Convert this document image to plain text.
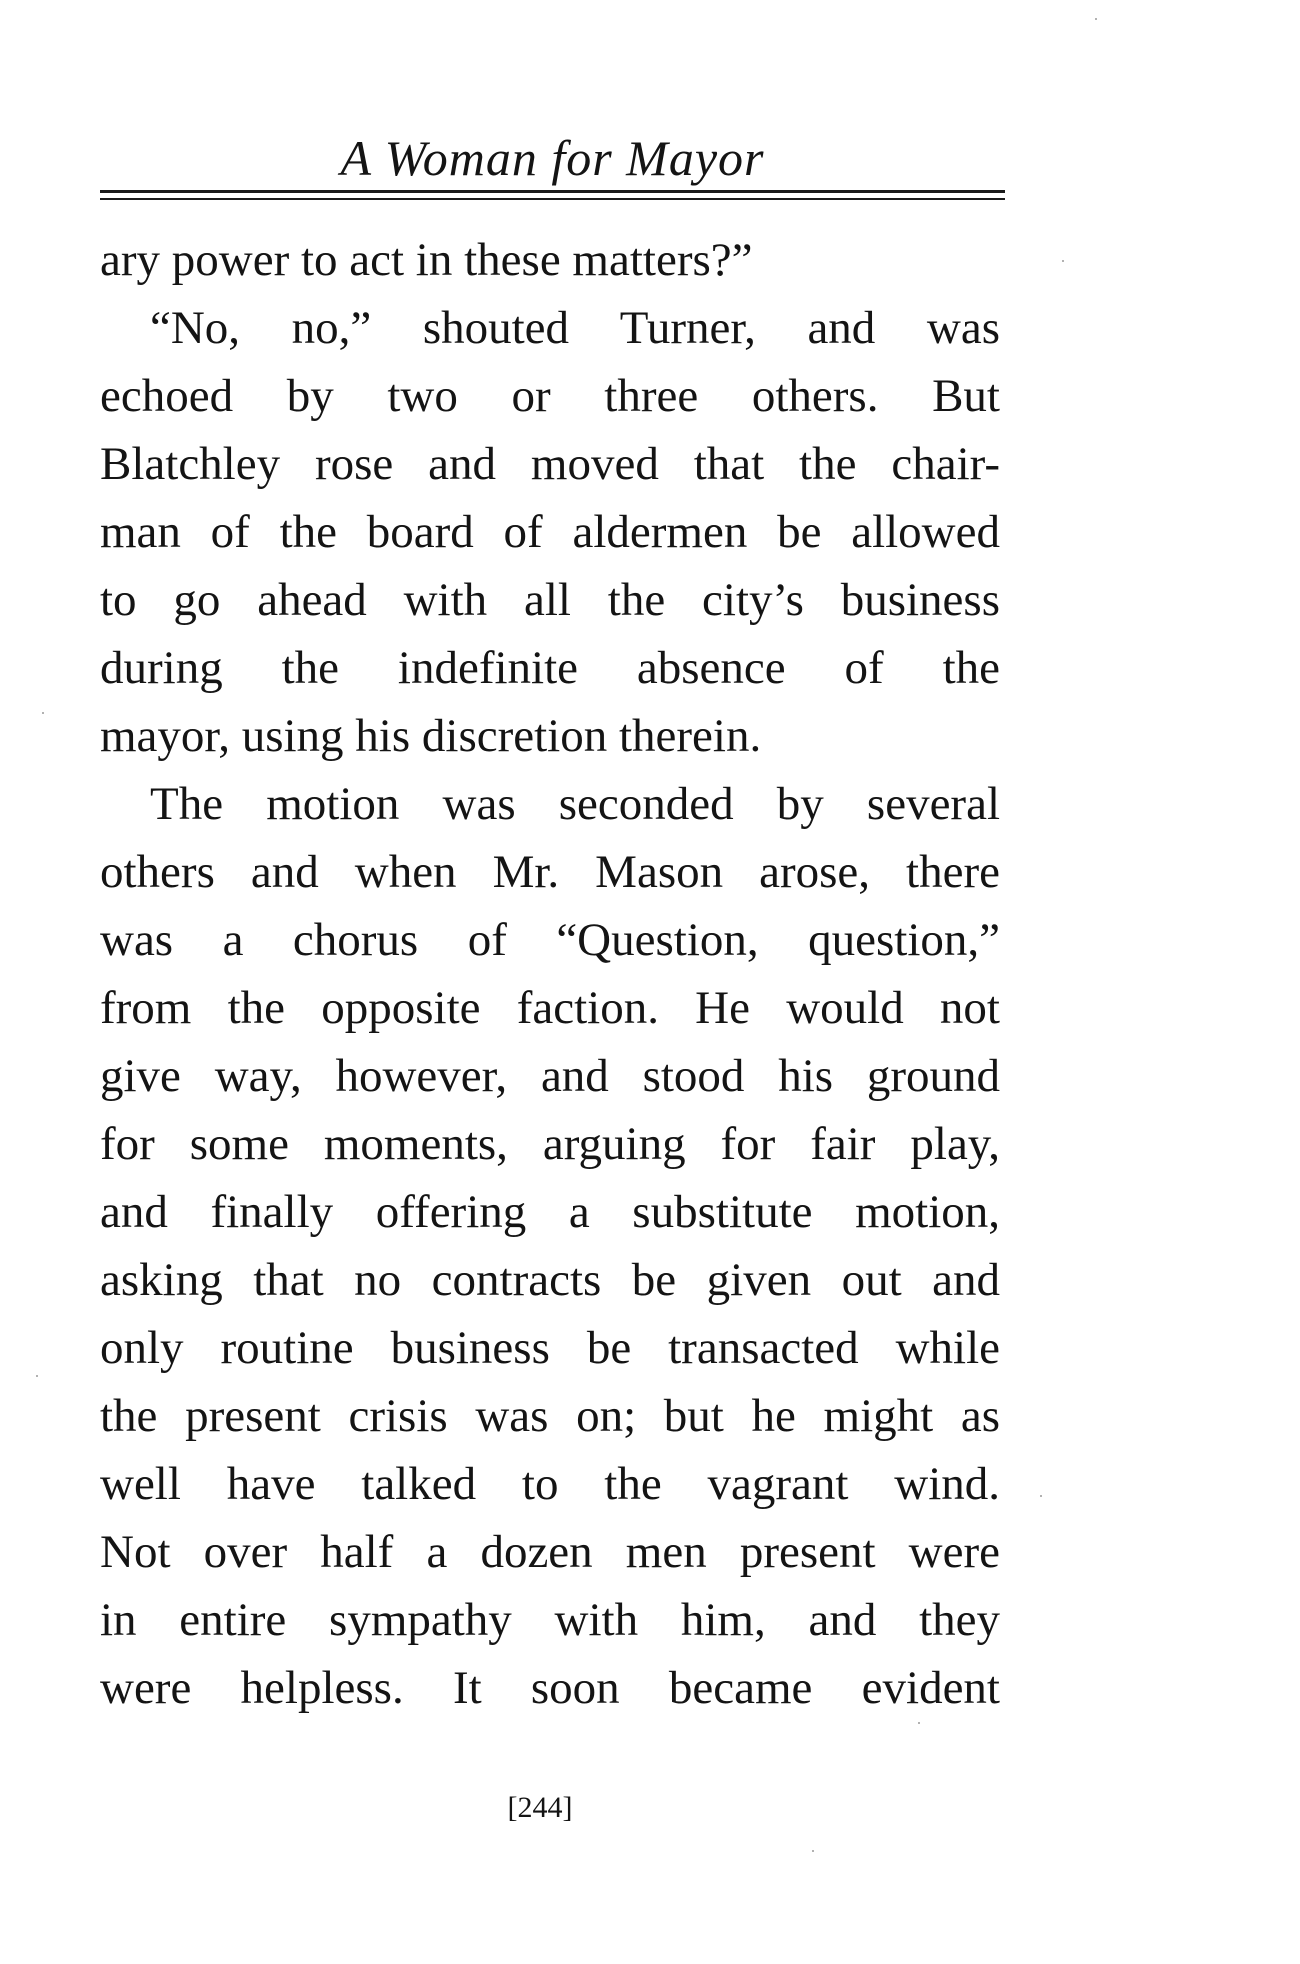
A Woman for Mayor
ary power to act in these matters?”
“No, no,” shouted Turner, and was
echoed by two or three others. But
Blatchley rose and moved that the chair-
man of the board of aldermen be allowed
to go ahead with all the city’s business
during the indefinite absence of the
mayor, using his discretion therein.
The motion was seconded by several
others and when Mr. Mason arose, there
was a chorus of “Question, question,”
from the opposite faction. He would not
give way, however, and stood his ground
for some moments, arguing for fair play,
and finally offering a substitute motion,
asking that no contracts be given out and
only routine business be transacted while
the present crisis was on; but he might as
well have talked to the vagrant wind.
Not over half a dozen men present were
in entire sympathy with him, and they
were helpless. It soon became evident
[244]
